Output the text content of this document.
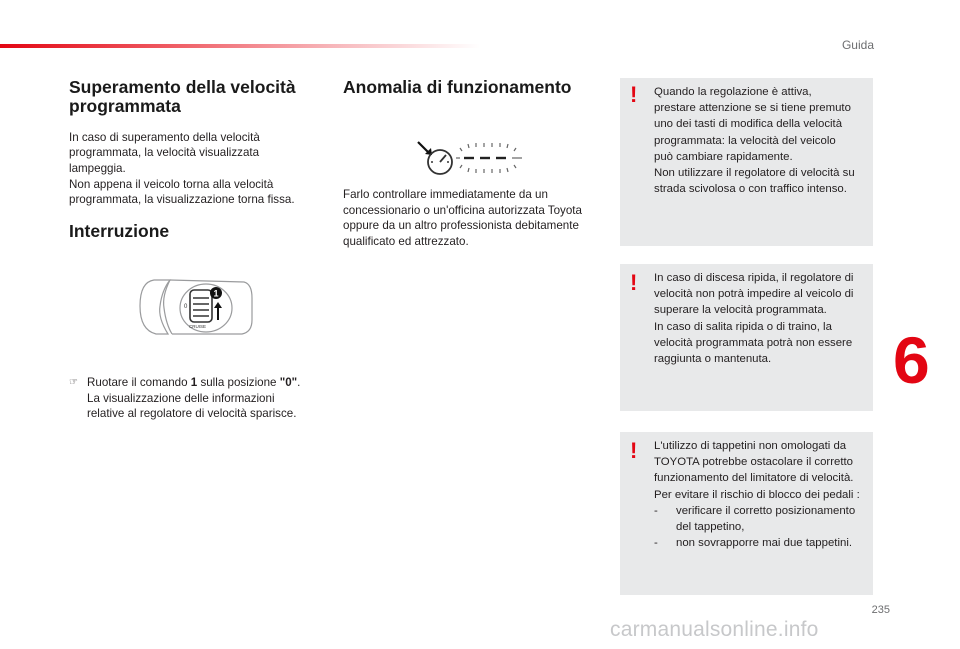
Guida
Superamento della velocità
programmata

In caso di superamento della velocità
programmata, la velocità visualizzata
lampeggia.
Non appena il veicolo torna alla velocità
programmata, la visualizzazione torna fissa.

Interruzione
1
0
CRUISE
☞ Ruotare il comando 1 sulla posizione "0".
La visualizzazione delle informazioni
relative al regolatore di velocità sparisce.
Anomalia di funzionamento

Farlo controllare immediatamente da un
concessionario o un'officina autorizzata Toyota
oppure da un altro professionista debitamente
qualificato ed attrezzato.

! Quando la regolazione è attiva,
prestare attenzione se si tiene premuto
uno dei tasti di modifica della velocità
programmata: la velocità del veicolo
può cambiare rapidamente.
Non utilizzare il regolatore di velocità su
strada scivolosa o con traffico intenso.

! In caso di discesa ripida, il regolatore di
velocità non potrà impedire al veicolo di
superare la velocità programmata.
In caso di salita ripida o di traino, la
velocità programmata potrà non essere
raggiunta o mantenuta.

! L'utilizzo di tappetini non omologati da
TOYOTA potrebbe ostacolare il corretto
funzionamento del limitatore di velocità.
Per evitare il rischio di blocco dei pedali :

-	verificare il corretto posizionamento
del tappetino,
-	non sovrapporre mai due tappetini.
6
235
carmanualsonline.info
